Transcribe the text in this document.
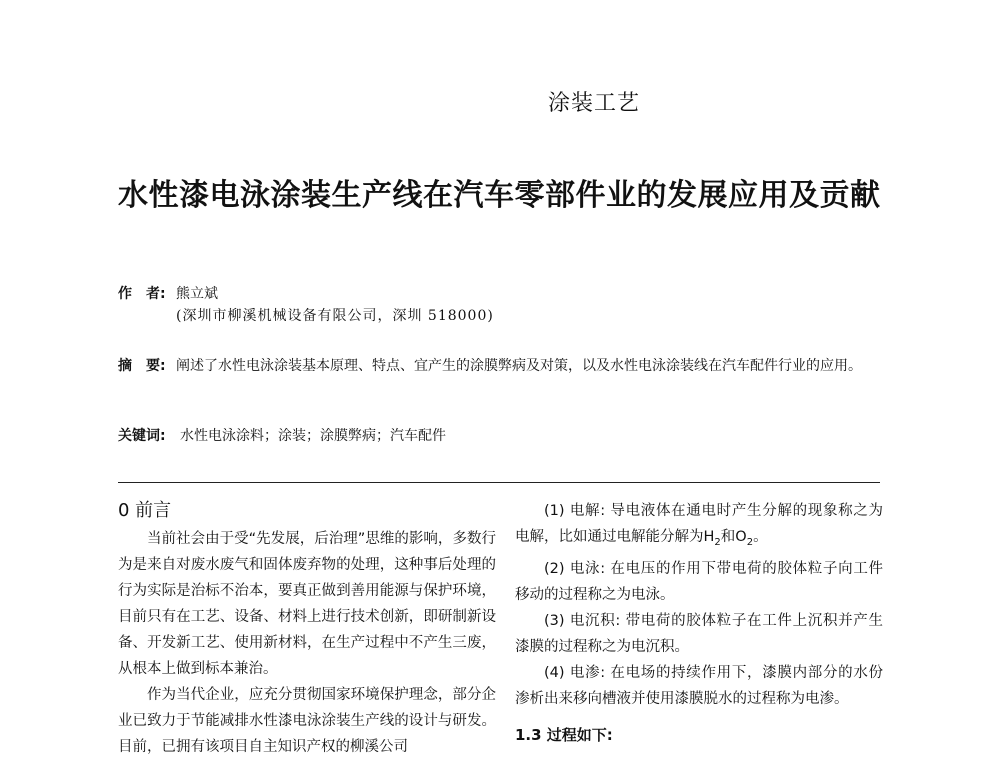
涂装工艺
水性漆电泳涂装生产线在汽车零部件业的发展应用及贡献
作　者: 熊立斌
(深圳市柳溪机械设备有限公司，深圳 518000)
摘　要: 阐述了水性电泳涂装基本原理、特点、宜产生的涂膜弊病及对策，以及水性电泳涂装线在汽车配件行业的应用。
关键词: 水性电泳涂料；涂装；涂膜弊病；汽车配件
0 前言

当前社会由于受“先发展，后治理”思维的影响，多数行为是来自对废水废气和固体废弃物的处理，这种事后处理的行为实际是治标不治本，要真正做到善用能源与保护环境，目前只有在工艺、设备、材料上进行技术创新，即研制新设备、开发新工艺、使用新材料，在生产过程中不产生三废，从根本上做到标本兼治。

作为当代企业，应充分贯彻国家环境保护理念，部分企业已致力于节能减排水性漆电泳涂装生产线的设计与研发。目前，已拥有该项目自主知识产权的柳溪公司

(1) 电解: 导电液体在通电时产生分解的现象称之为电解，比如通过电解能分解为$H_2$和$O_2$。

(2) 电泳: 在电压的作用下带电荷的胶体粒子向工件移动的过程称之为电泳。

(3) 电沉积: 带电荷的胶体粒子在工件上沉积并产生漆膜的过程称之为电沉积。

(4) 电渗: 在电场的持续作用下，漆膜内部分的水份渗析出来移向槽液并使用漆膜脱水的过程称为电渗。

1.3 过程如下:
